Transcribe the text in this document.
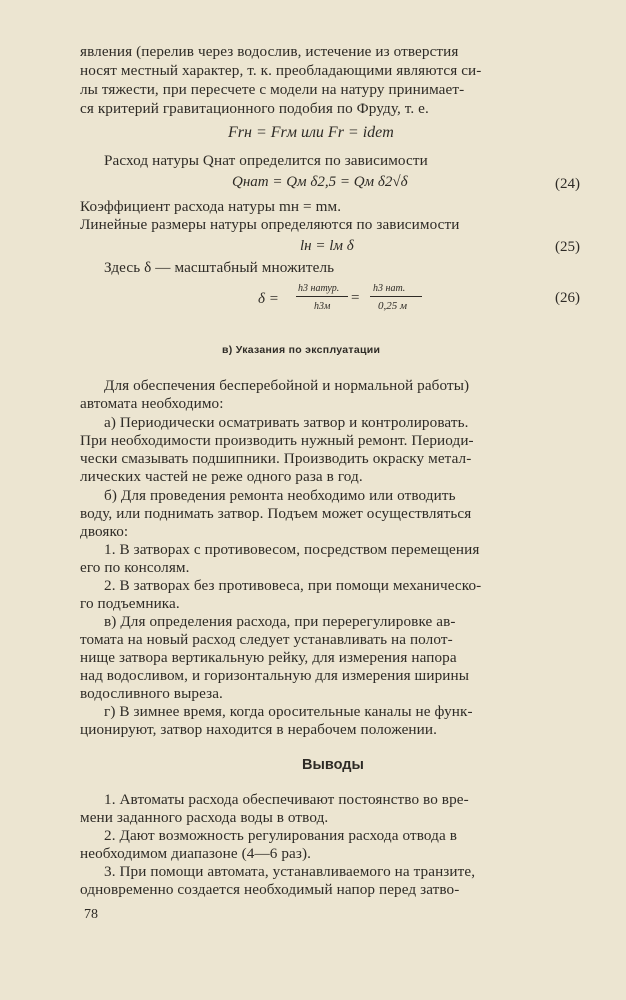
явления (перелив через водослив, истечение из отверстия
носят местный характер, т. к. преобладающими являются си-
лы тяжести, при пересчете с модели на натуру принимает-
ся критерий гравитационного подобия по Фруду, т. е.
Frн = Frм или Fr = idem
Расход натуры Qнат определится по зависимости
Qнат = Qм δ2,5 = Qм δ2√δ	(24)
Коэффициент расхода натуры mн = mм.
Линейные размеры натуры определяются по зависимости
lн = lм δ	(25)
Здесь δ — масштабный множитель
δ =
h3 натур.
h3м
=
h3 нат.
0,25 м	(26)
в) Указания по эксплуатации
Для обеспечения бесперебойной и нормальной работы)
автомата необходимо:
а) Периодически осматривать затвор и контролировать.
При необходимости производить нужный ремонт. Периоди-
чески смазывать подшипники. Производить окраску метал-
лических частей не реже одного раза в год.
б) Для проведения ремонта необходимо или отводить
воду, или поднимать затвор. Подъем может осуществляться
двояко:
1. В затворах с противовесом, посредством перемещения
его по консолям.
2. В затворах без противовеса, при помощи механическо-
го подъемника.
в) Для определения расхода, при перерегулировке ав-
томата на новый расход следует устанавливать на полот-
нище затвора вертикальную рейку, для измерения напора
над водосливом, и горизонтальную для измерения ширины
водосливного выреза.
г) В зимнее время, когда оросительные каналы не функ-
ционируют, затвор находится в нерабочем положении.
Выводы
1. Автоматы расхода обеспечивают постоянство во вре-
мени заданного расхода воды в отвод.
2. Дают возможность регулирования расхода отвода в
необходимом диапазоне (4—6 раз).
3. При помощи автомата, устанавливаемого на транзите,
одновременно создается необходимый напор перед затво-
78
